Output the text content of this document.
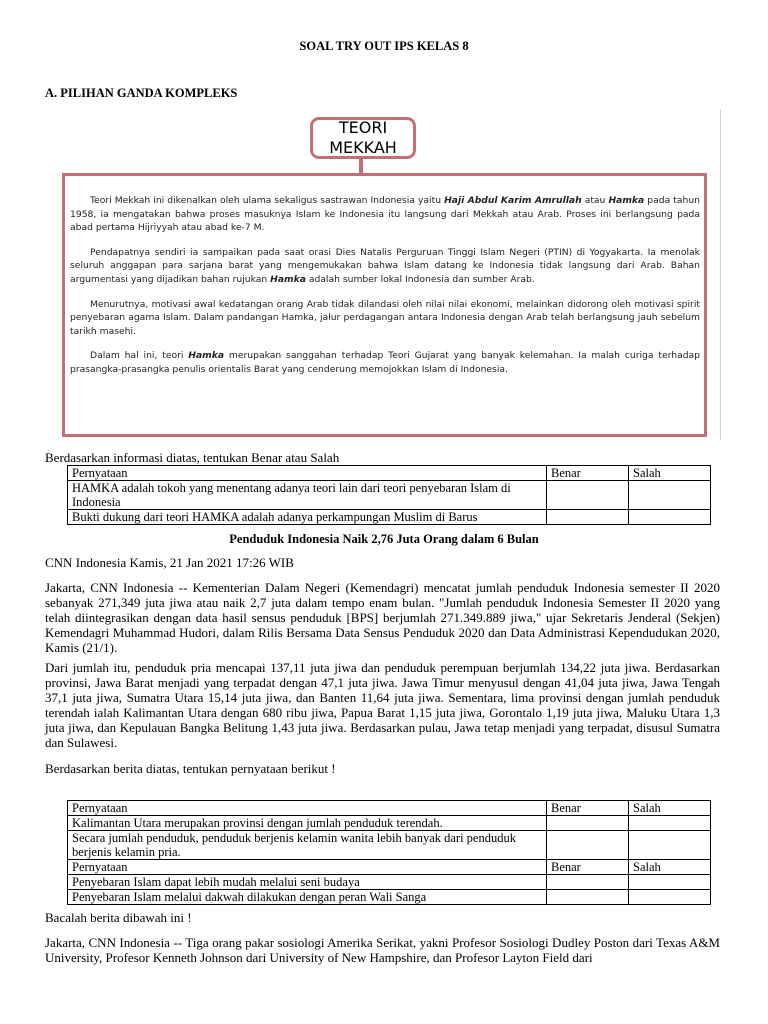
SOAL TRY OUT IPS KELAS 8
A. PILIHAN GANDA KOMPLEKS
TEORI
MEKKAH

Teori Mekkah ini dikenalkan oleh ulama sekaligus sastrawan Indonesia yaitu Haji Abdul Karim Amrullah atau Hamka pada tahun 1958, ia mengatakan bahwa proses masuknya Islam ke Indonesia itu langsung dari Mekkah atau Arab. Proses ini berlangsung pada abad pertama Hijriyyah atau abad ke-7 M.

Pendapatnya sendiri ia sampaikan pada saat orasi Dies Natalis Perguruan Tinggi Islam Negeri (PTIN) di Yogyakarta. Ia menolak seluruh anggapan para sarjana barat yang mengemukakan bahwa Islam datang ke Indonesia tidak langsung dari Arab. Bahan argumentasi yang dijadikan bahan rujukan Hamka adalah sumber lokal Indonesia dan sumber Arab.

Menurutnya, motivasi awal kedatangan orang Arab tidak dilandasi oleh nilai nilai ekonomi, melainkan didorong oleh motivasi spirit penyebaran agama Islam. Dalam pandangan Hamka, jalur perdagangan antara Indonesia dengan Arab telah berlangsung jauh sebelum tarikh masehi.

Dalam hal ini, teori Hamka merupakan sanggahan terhadap Teori Gujarat yang banyak kelemahan. Ia malah curiga terhadap prasangka-prasangka penulis orientalis Barat yang cenderung memojokkan Islam di Indonesia.

Berdasarkan informasi diatas, tentukan Benar atau Salah
Pernyataan	Benar	Salah
HAMKA adalah tokoh yang menentang adanya teori lain dari teori penyebaran Islam di Indonesia		
Bukti dukung dari teori HAMKA adalah adanya perkampungan Muslim di Barus		
Penduduk Indonesia Naik 2,76 Juta Orang dalam 6 Bulan
CNN Indonesia Kamis, 21 Jan 2021 17:26 WIB
Jakarta, CNN Indonesia -- Kementerian Dalam Negeri (Kemendagri) mencatat jumlah penduduk Indonesia semester II 2020 sebanyak 271,349 juta jiwa atau naik 2,7 juta dalam tempo enam bulan. "Jumlah penduduk Indonesia Semester II 2020 yang telah diintegrasikan dengan data hasil sensus penduduk [BPS] berjumlah 271.349.889 jiwa," ujar Sekretaris Jenderal (Sekjen) Kemendagri Muhammad Hudori, dalam Rilis Bersama Data Sensus Penduduk 2020 dan Data Administrasi Kependudukan 2020, Kamis (21/1).
Dari jumlah itu, penduduk pria mencapai 137,11 juta jiwa dan penduduk perempuan berjumlah 134,22 juta jiwa. Berdasarkan provinsi, Jawa Barat menjadi yang terpadat dengan 47,1 juta jiwa. Jawa Timur menyusul dengan 41,04 juta jiwa, Jawa Tengah 37,1 juta jiwa, Sumatra Utara 15,14 juta jiwa, dan Banten 11,64 juta jiwa. Sementara, lima provinsi dengan jumlah penduduk terendah ialah Kalimantan Utara dengan 680 ribu jiwa, Papua Barat 1,15 juta jiwa, Gorontalo 1,19 juta jiwa, Maluku Utara 1,3 juta jiwa, dan Kepulauan Bangka Belitung 1,43 juta jiwa. Berdasarkan pulau, Jawa tetap menjadi yang terpadat, disusul Sumatra dan Sulawesi.
Berdasarkan berita diatas, tentukan pernyataan berikut !
Pernyataan	Benar	Salah
Kalimantan Utara merupakan provinsi dengan jumlah penduduk terendah.		
Secara jumlah penduduk, penduduk berjenis kelamin wanita lebih banyak dari penduduk berjenis kelamin pria.		
Pernyataan	Benar	Salah
Penyebaran Islam dapat lebih mudah melalui seni budaya		
Penyebaran Islam melalui dakwah dilakukan dengan peran Wali Sanga		
Bacalah berita dibawah ini !
Jakarta, CNN Indonesia -- Tiga orang pakar sosiologi Amerika Serikat, yakni Profesor Sosiologi Dudley Poston dari Texas A&M University, Profesor Kenneth Johnson dari University of New Hampshire, dan Profesor Layton Field dari
